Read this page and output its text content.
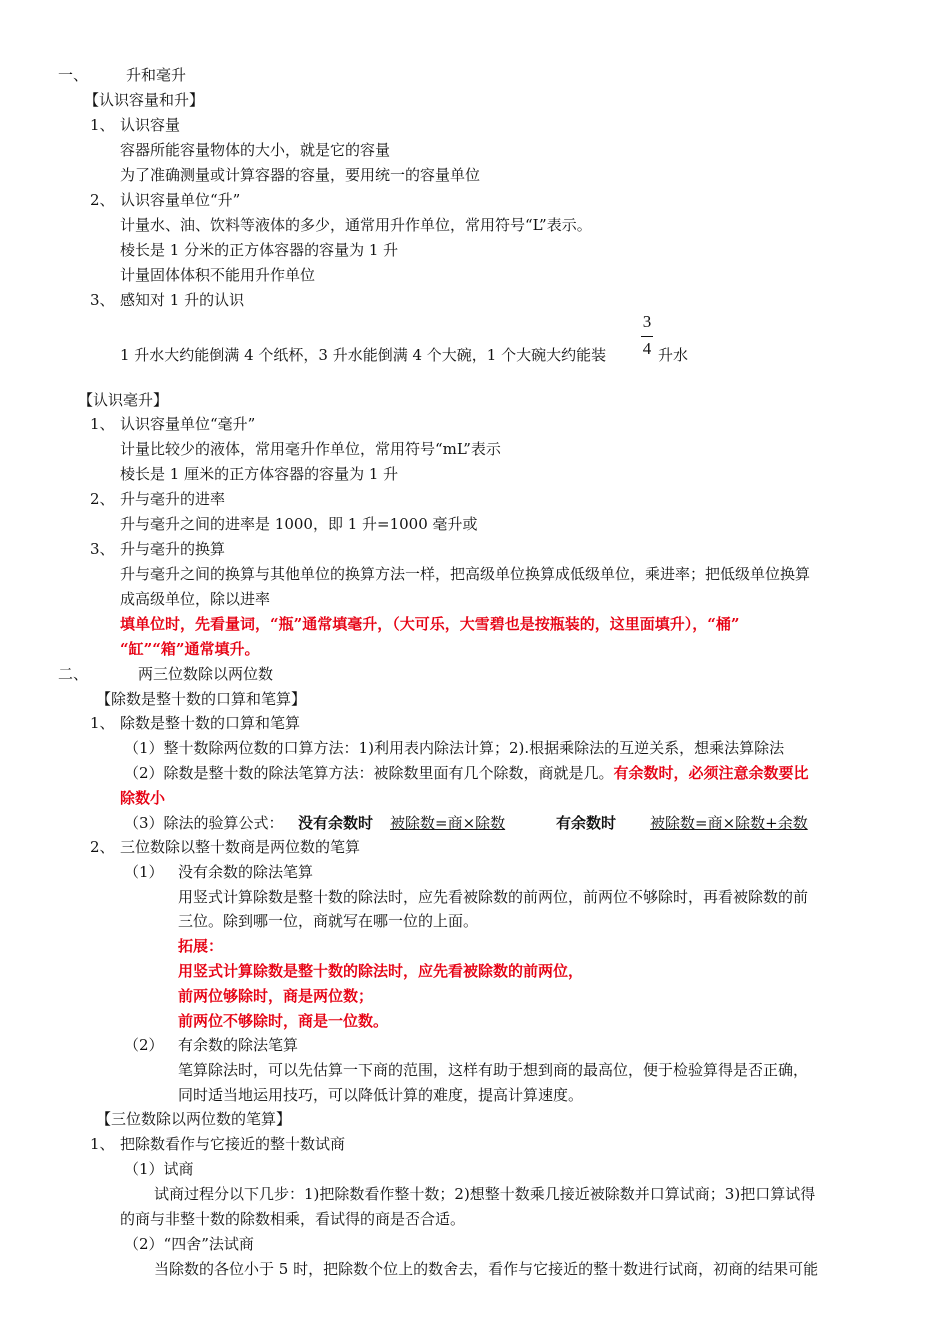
一、	升和毫升
【认识容量和升】
1、 认识容量
容器所能容量物体的大小，就是它的容量
为了准确测量或计算容器的容量，要用统一的容量单位
2、 认识容量单位“升”
计量水、油、饮料等液体的多少，通常用升作单位，常用符号“L”表示。
棱长是 1 分米的正方体容器的容量为 1 升
计量固体体积不能用升作单位
3、 感知对 1 升的认识
1 升水大约能倒满 4 个纸杯，3 升水能倒满 4 个大碗，1 个大碗大约能装
3
4 升水
【认识毫升】
1、 认识容量单位“毫升”
计量比较少的液体，常用毫升作单位，常用符号“mL”表示
棱长是 1 厘米的正方体容器的容量为 1 升
2、 升与毫升的进率
升与毫升之间的进率是 1000，即 1 升=1000 毫升或
3、 升与毫升的换算
升与毫升之间的换算与其他单位的换算方法一样，把高级单位换算成低级单位，乘进率；把低级单位换算
成高级单位，除以进率
填单位时，先看量词，“瓶”通常填毫升，（大可乐，大雪碧也是按瓶装的，这里面填升），“桶”
“缸”“箱”通常填升。
二、	两三位数除以两位数
【除数是整十数的口算和笔算】
1、 除数是整十数的口算和笔算
（1）整十数除两位数的口算方法：1)利用表内除法计算；2).根据乘除法的互逆关系，想乘法算除法
（2）除数是整十数的除法笔算方法：被除数里面有几个除数，商就是几。有余数时，必须注意余数要比
除数小
（3）除法的验算公式： 没有余数时 被除数=商×除数	有余数时 被除数=商×除数+余数
2、 三位数除以整十数商是两位数的笔算
（1） 没有余数的除法笔算
用竖式计算除数是整十数的除法时，应先看被除数的前两位，前两位不够除时，再看被除数的前
三位。除到哪一位，商就写在哪一位的上面。
拓展：
用竖式计算除数是整十数的除法时，应先看被除数的前两位，
前两位够除时，商是两位数；
前两位不够除时，商是一位数。
（2） 有余数的除法笔算
笔算除法时，可以先估算一下商的范围，这样有助于想到商的最高位，便于检验算得是否正确，
同时适当地运用技巧，可以降低计算的难度，提高计算速度。
【三位数除以两位数的笔算】
1、 把除数看作与它接近的整十数试商
（1）试商
试商过程分以下几步：1)把除数看作整十数；2)想整十数乘几接近被除数并口算试商；3)把口算试得
的商与非整十数的除数相乘，看试得的商是否合适。
（2）“四舍”法试商
当除数的各位小于 5 时，把除数个位上的数舍去，看作与它接近的整十数进行试商，初商的结果可能
